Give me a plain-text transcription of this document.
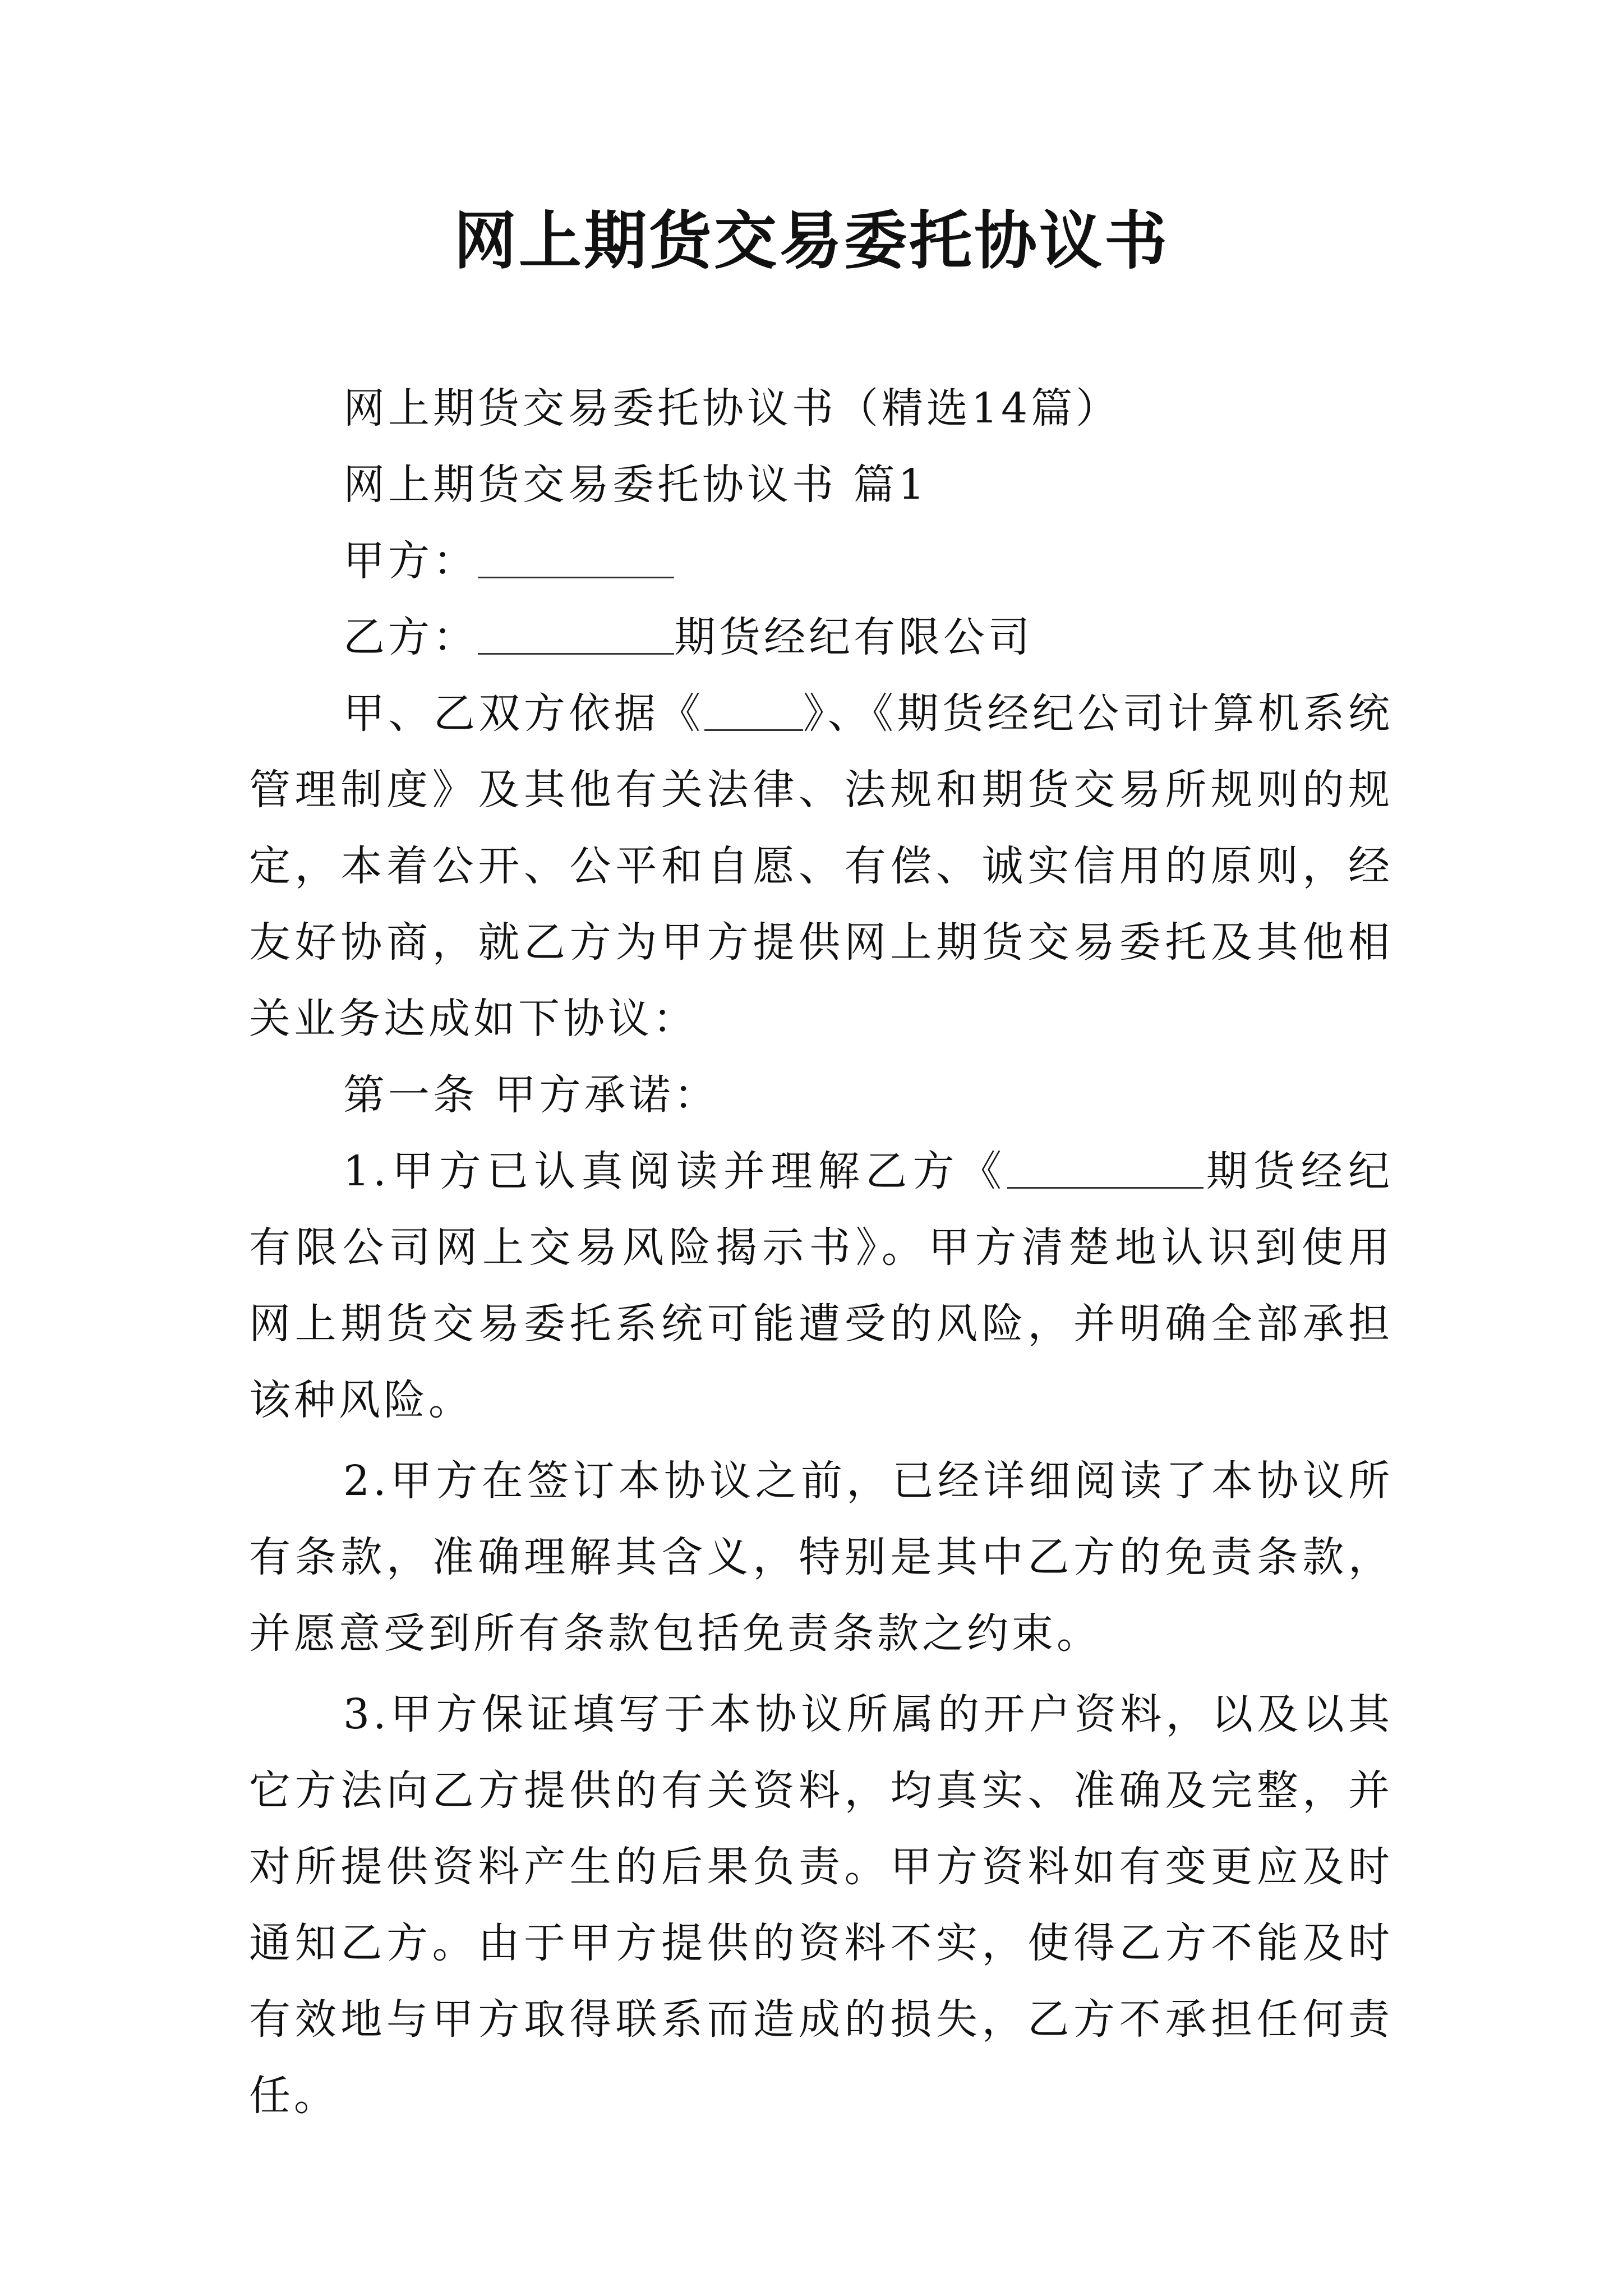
网上期货交易委托协议书

网上期货交易委托协议书（精选14篇）

网上期货交易委托协议书 篇1

甲方：

乙方：	期货经纪有限公司

甲、乙双方依据《 》、《期货经纪公司计算机系统管理制度》及其他有关法律、法规和期货交易所规则的规定，本着公开、公平和自愿、有偿、诚实信用的原则，经友好协商，就乙方为甲方提供网上期货交易委托及其他相关业务达成如下协议：

第一条 甲方承诺：

1.甲方已认真阅读并理解乙方《	期货经纪有限公司网上交易风险揭示书》。甲方清楚地认识到使用网上期货交易委托系统可能遭受的风险，并明确全部承担该种风险。

2.甲方在签订本协议之前，已经详细阅读了本协议所有条款，准确理解其含义，特别是其中乙方的免责条款，并愿意受到所有条款包括免责条款之约束。

3.甲方保证填写于本协议所属的开户资料，以及以其它方法向乙方提供的有关资料，均真实、准确及完整，并对所提供资料产生的后果负责。甲方资料如有变更应及时通知乙方。由于甲方提供的资料不实，使得乙方不能及时有效地与甲方取得联系而造成的损失，乙方不承担任何责任。
